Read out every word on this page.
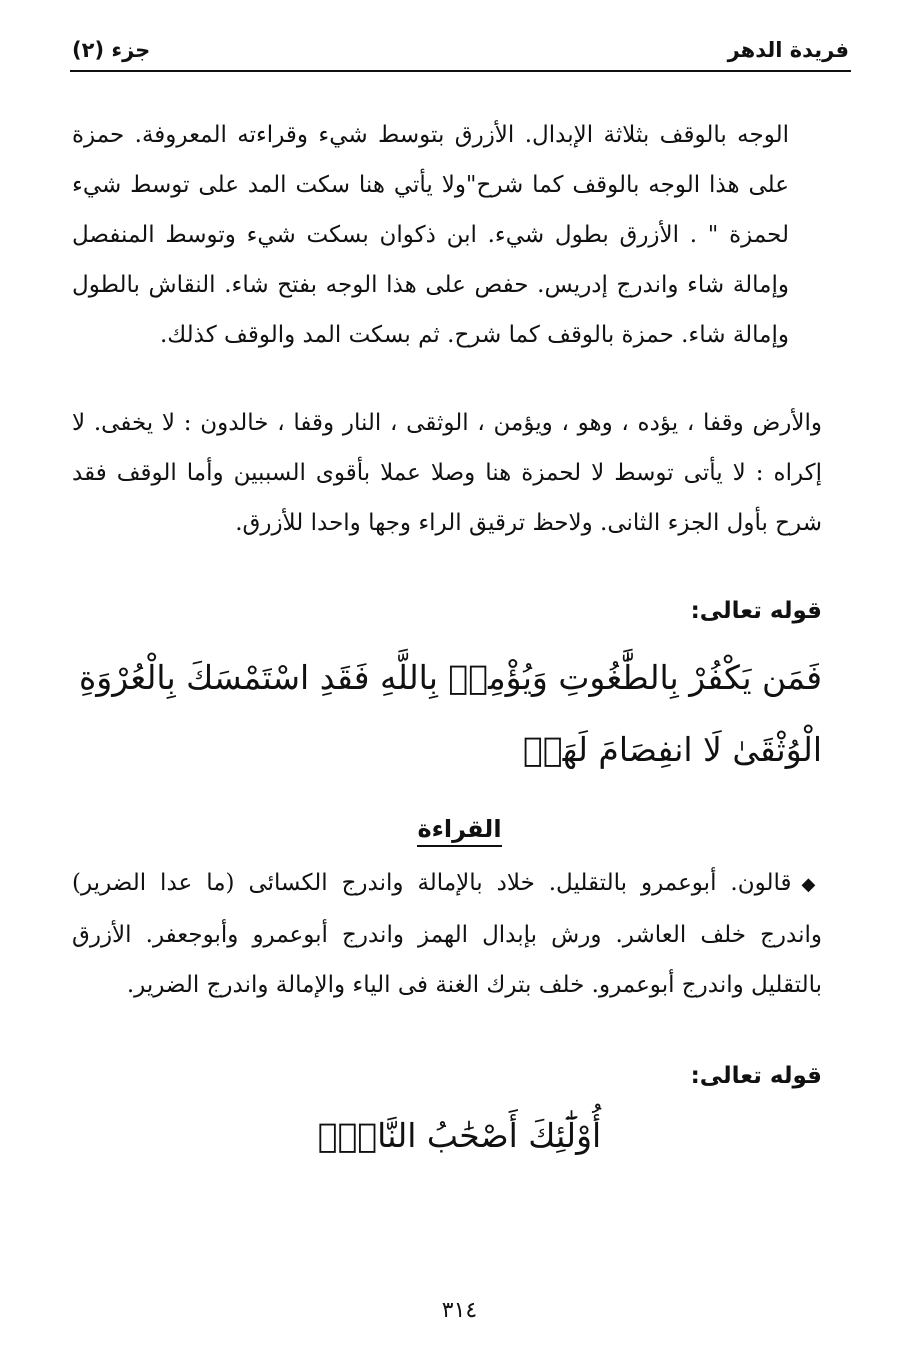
فريدة الدهر
جزء (٢)
الوجه بالوقف بثلاثة الإبدال. الأزرق بتوسط شيء وقراءته المعروفة. حمزة على هذا الوجه بالوقف كما شرح"ولا يأتي هنا سكت المد على توسط شيء لحمزة " . الأزرق بطول شيء. ابن ذكوان بسكت شيء وتوسط المنفصل وإمالة شاء واندرج إدريس. حفص على هذا الوجه بفتح شاء. النقاش بالطول وإمالة شاء. حمزة بالوقف كما شرح. ثم بسكت المد والوقف كذلك.
والأرض وقفا ، يؤده ، وهو ، ويؤمن ، الوثقى ، النار وقفا ، خالدون : لا يخفى. لا إكراه : لا يأتى توسط لا لحمزة هنا وصلا عملا بأقوى السببين وأما الوقف فقد شرح بأول الجزء الثانى. ولاحظ ترقيق الراء وجها واحدا للأزرق.
قوله تعالى:
فَمَن يَكْفُرْ بِالطَّٰغُوتِ وَيُؤْمِنۢ بِاللَّهِ فَقَدِ اسْتَمْسَكَ بِالْعُرْوَةِ الْوُثْقَىٰ لَا انفِصَامَ لَهَاۗ
القراءة
◆قالون. أبوعمرو بالتقليل. خلاد بالإمالة واندرج الكسائى (ما عدا الضرير) واندرج خلف العاشر. ورش بإبدال الهمز واندرج أبوعمرو وأبوجعفر. الأزرق بالتقليل واندرج أبوعمرو. خلف بترك الغنة فى الياء والإمالة واندرج الضرير.
قوله تعالى:
أُوْلَٰٓئِكَ أَصْحَٰبُ النَّارِۖ
٣١٤
